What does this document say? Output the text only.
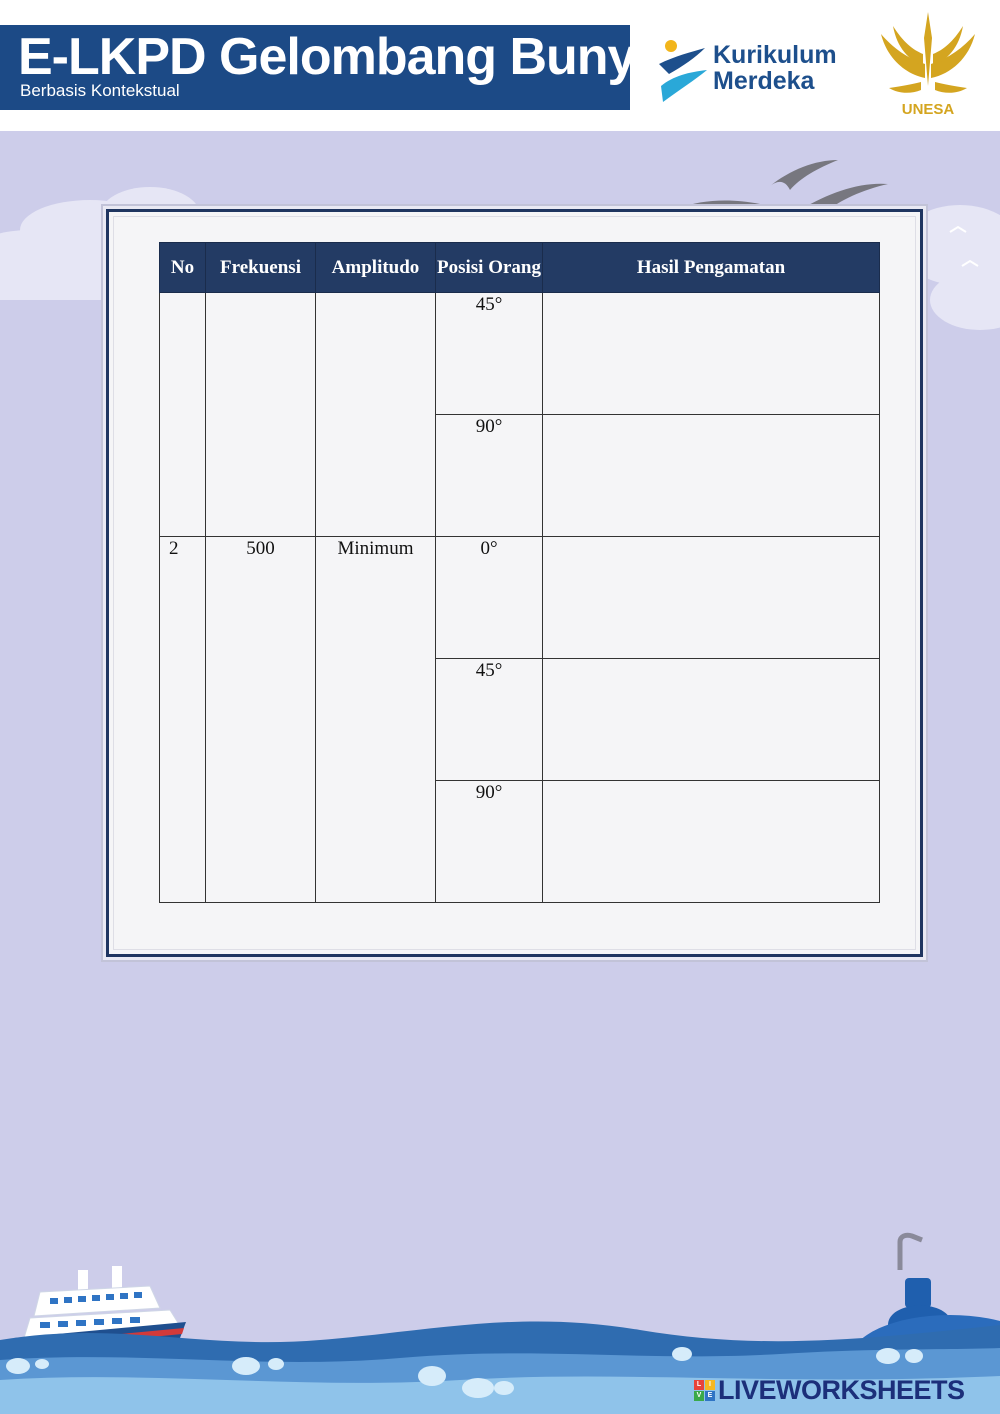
E-LKPD Gelombang Bunyi
Berbasis Kontekstual
Kurikulum
Merdeka
UNESA
No	Frekuensi	Amplitudo	Posisi Orang	Hasil Pengamatan

			45°	

			90°	

2	500	Minimum	0°	

			45°	

			90°	

L	I
V E LIVEWORKSHEETS
